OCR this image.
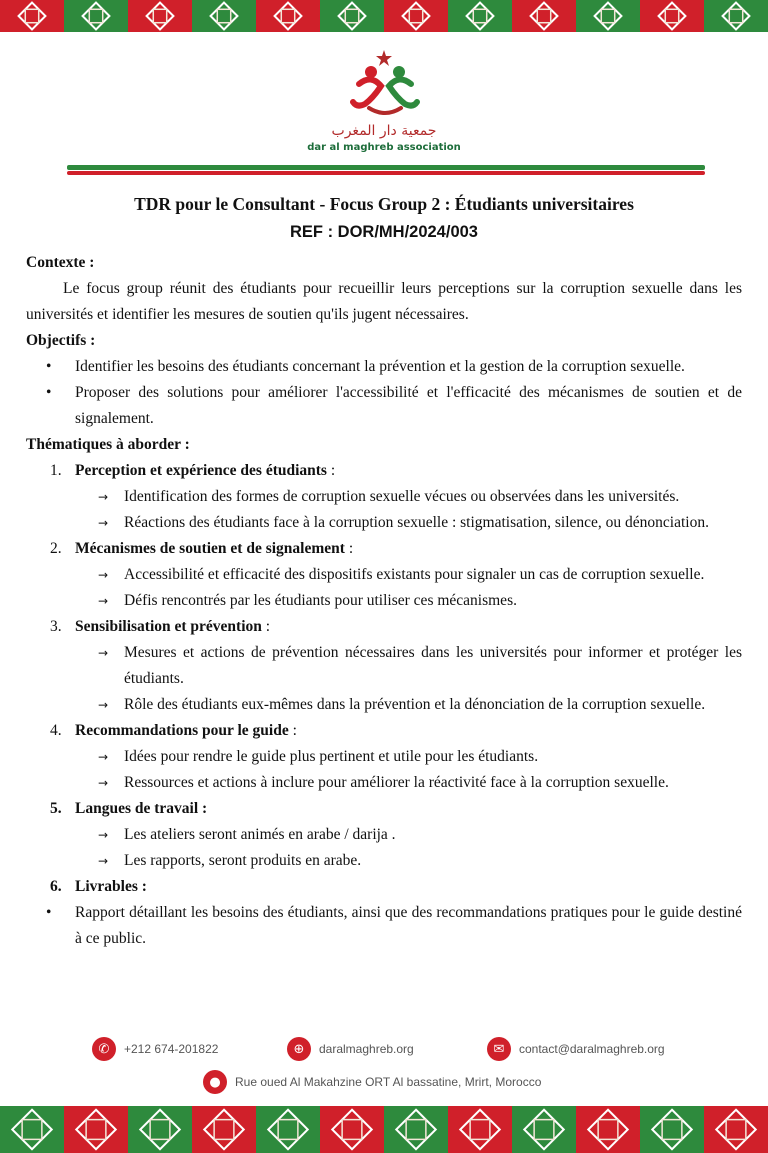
جمعية دار المغرب
dar al maghreb association

TDR pour le Consultant - Focus Group 2 : Étudiants universitaires

REF : DOR/MH/2024/003

Contexte :

Le focus group réunit des étudiants pour recueillir leurs perceptions sur la corruption sexuelle dans les universités et identifier les mesures de soutien qu'ils jugent nécessaires.

Objectifs :

• Identifier les besoins des étudiants concernant la prévention et la gestion de la corruption sexuelle.
• Proposer des solutions pour améliorer l'accessibilité et l'efficacité des mécanismes de soutien et de signalement.

Thématiques à aborder :

1. Perception et expérience des étudiants :

→ Identification des formes de corruption sexuelle vécues ou observées dans les universités.
→ Réactions des étudiants face à la corruption sexuelle : stigmatisation, silence, ou dénonciation.

2. Mécanismes de soutien et de signalement :

→ Accessibilité et efficacité des dispositifs existants pour signaler un cas de corruption sexuelle.
→ Défis rencontrés par les étudiants pour utiliser ces mécanismes.

3. Sensibilisation et prévention :

→ Mesures et actions de prévention nécessaires dans les universités pour informer et protéger les étudiants.
→ Rôle des étudiants eux-mêmes dans la prévention et la dénonciation de la corruption sexuelle.

4. Recommandations pour le guide :

→ Idées pour rendre le guide plus pertinent et utile pour les étudiants.
→ Ressources et actions à inclure pour améliorer la réactivité face à la corruption sexuelle.

5. Langues de travail :

→ Les ateliers seront animés en arabe / darija .
→ Les rapports, seront produits en arabe.

6. Livrables :

• Rapport détaillant les besoins des étudiants, ainsi que des recommandations pratiques pour le guide destiné à ce public.
✆	+212 674-201822	⊕	daralmaghreb.org	✉	contact@daralmaghreb.org
●	Rue oued Al Makahzine ORT Al bassatine, Mrirt, Morocco
